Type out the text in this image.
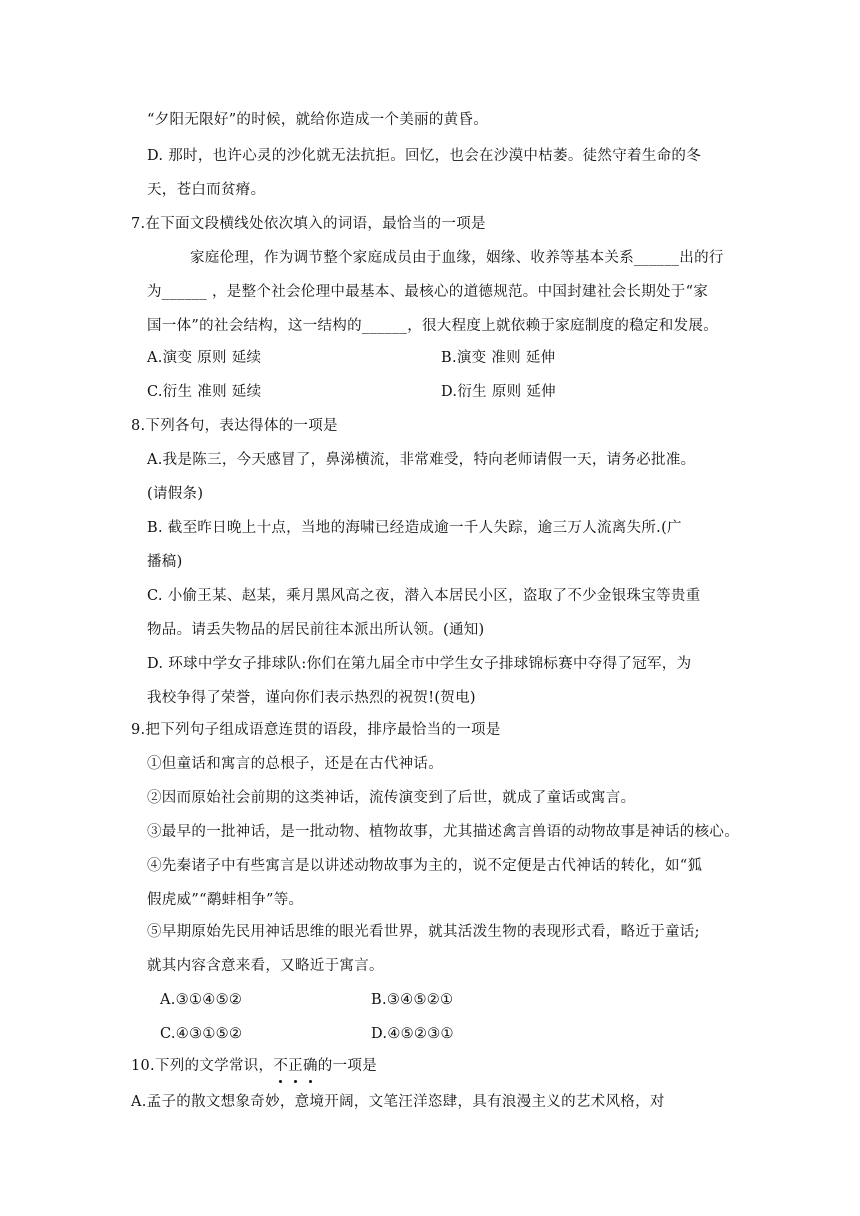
“夕阳无限好”的时候，就给你造成一个美丽的黄昏。
D. 那时，也许心灵的沙化就无法抗拒。回忆，也会在沙漠中枯萎。徒然守着生命的冬
天，苍白而贫瘠。
7.在下面文段横线处依次填入的词语，最恰当的一项是
家庭伦理，作为调节整个家庭成员由于血缘，姻缘、收养等基本关系______出的行
为______ ，是整个社会伦理中最基本、最核心的道德规范。中国封建社会长期处于“家
国一体”的社会结构，这一结构的______，很大程度上就依赖于家庭制度的稳定和发展。
A.演变 原则 延续	B.演变 准则 延伸
C.衍生 准则 延续	D.衍生 原则 延伸
8.下列各句，表达得体的一项是
A.我是陈三，今天感冒了，鼻涕横流，非常难受，特向老师请假一天，请务必批准。
(请假条)
B. 截至昨日晚上十点，当地的海啸已经造成逾一千人失踪，逾三万人流离失所.(广
播稿)
C. 小偷王某、赵某，乘月黑风高之夜，潜入本居民小区，盗取了不少金银珠宝等贵重
物品。请丢失物品的居民前往本派出所认领。(通知)
D. 环球中学女子排球队:你们在第九届全市中学生女子排球锦标赛中夺得了冠军，为
我校争得了荣誉，谨向你们表示热烈的祝贺!(贺电)
9.把下列句子组成语意连贯的语段，排序最恰当的一项是
①但童话和寓言的总根子，还是在古代神话。
②因而原始社会前期的这类神话，流传演变到了后世，就成了童话或寓言。
③最早的一批神话，是一批动物、植物故事，尤其描述禽言兽语的动物故事是神话的核心。
④先秦诸子中有些寓言是以讲述动物故事为主的，说不定便是古代神话的转化，如“狐
假虎威”“鹬蚌相争”等。
⑤早期原始先民用神话思维的眼光看世界，就其活泼生物的表现形式看，略近于童话;
就其内容含意来看，又略近于寓言。
A.③①④⑤②	B.③④⑤②①
C.④③①⑤②	D.④⑤②③①
10.下列的文学常识，不正确的一项是
A.孟子的散文想象奇妙，意境开阔，文笔汪洋恣肆，具有浪漫主义的艺术风格，对
